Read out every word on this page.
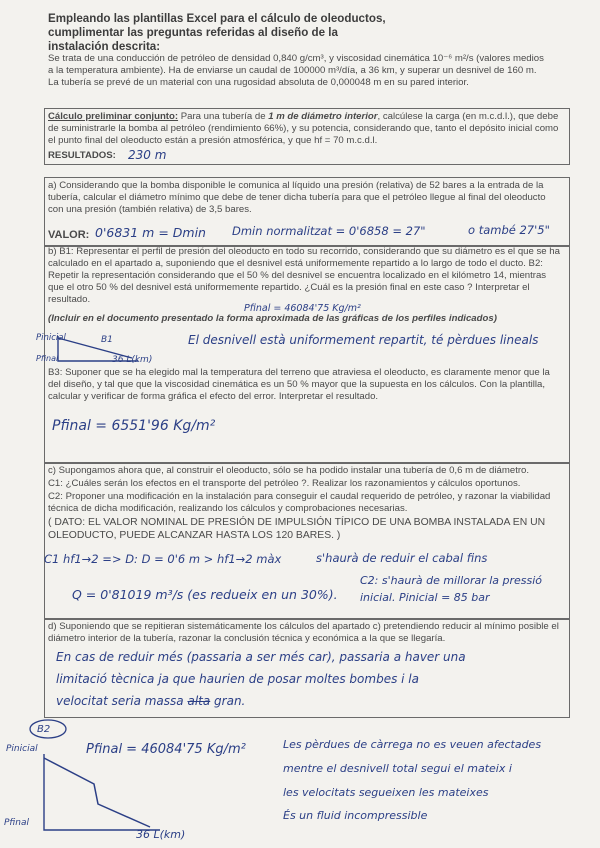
Empleando las plantillas Excel para el cálculo de oleoductos, cumplimentar las preguntas referidas al diseño de la instalación descrita:

Se trata de una conducción de petróleo de densidad 0,840 g/cm³, y viscosidad cinemática 10⁻⁶ m²/s (valores medios a la temperatura ambiente). Ha de enviarse un caudal de 100000 m³/día, a 36 km, y superar un desnivel de 160 m. La tubería se prevé de un material con una rugosidad absoluta de 0,000048 m en su pared interior.

Cálculo preliminar conjunto: Para una tubería de 1 m de diámetro interior, calcúlese la carga (en m.c.d.l.), que debe de suministrarle la bomba al petróleo (rendimiento 66%), y su potencia, considerando que, tanto el depósito inicial como el punto final del oleoducto están a presión atmosférica, y que hf = 70 m.c.d.l.

RESULTADOS: 230 m

a) Considerando que la bomba disponible le comunica al líquido una presión (relativa) de 52 bares a la entrada de la tubería, calcular el diámetro mínimo que debe de tener dicha tubería para que el petróleo llegue al final del oleoducto con una presión (también relativa) de 3,5 bares.

VALOR: 0'6831 m = Dmin Dmin normalitzat = 0'6858 = 27"	o també 27'5"

b) B1: Representar el perfil de presión del oleoducto en todo su recorrido, considerando que su diámetro es el que se ha calculado en el apartado a, suponiendo que el desnivel está uniformemente repartido a lo largo de todo el ducto. B2: Repetir la representación considerando que el 50 % del desnivel se encuentra localizado en el kilómetro 14, mientras que el otro 50 % del desnivel está uniformemente repartido. ¿Cuál es la presión final en este caso ? Interpretar el resultado.

(Incluir en el documento presentado la forma aproximada de las gráficas de los perfiles indicados)

Pfinal = 46084'75 Kg/m²
Pinicial	B1
Pfinal	36 L(km)
El desnivell està uniformement repartit, té pèrdues lineals

B3: Suponer que se ha elegido mal la temperatura del terreno que atraviesa el oleoducto, es claramente menor que la del diseño, y tal que que la viscosidad cinemática es un 50 % mayor que la supuesta en los cálculos. Con la plantilla, calcular y verificar de forma gráfica el efecto del error. Interpretar el resultado.

Pfinal = 6551'96 Kg/m²

c) Supongamos ahora que, al construir el oleoducto, sólo se ha podido instalar una tubería de 0,6 m de diámetro.

C1: ¿Cuáles serán los efectos en el transporte del petróleo ?. Realizar los razonamientos y cálculos oportunos.

C2: Proponer una modificación en la instalación para conseguir el caudal requerido de petróleo, y razonar la viabilidad técnica de dicha modificación, realizando los cálculos y comprobaciones necesarias.

( DATO: EL VALOR NOMINAL DE PRESIÓN DE IMPULSIÓN TÍPICO DE UNA BOMBA INSTALADA EN UN OLEODUCTO, PUEDE ALCANZAR HASTA LOS 120 BARES. )

C1 hf1→2 => D: D = 0'6 m > hf1→2 màx	s'haurà de reduir el cabal fins
Q = 0'81019 m³/s (es redueix en un 30%).

C2: s'haurà de millorar la pressió inicial. Pinicial = 85 bar

d) Suponiendo que se repitieran sistemáticamente los cálculos del apartado c) pretendiendo reducir al mínimo posible el diámetro interior de la tubería, razonar la conclusión técnica y económica a la que se llegaría.

En cas de reduir més (passaria a ser més car), passaria a haver una
limitació tècnica ja que haurien de posar moltes bombes i la
velocitat seria massa alta gran.
B2
Pinicial
Pfinal
36 L(km)
Pfinal = 46084'75 Kg/m²	Les pèrdues de càrrega no es veuen afectades
mentre el desnivell total segui el mateix i
les velocitats segueixen les mateixes
És un fluid incompressible
